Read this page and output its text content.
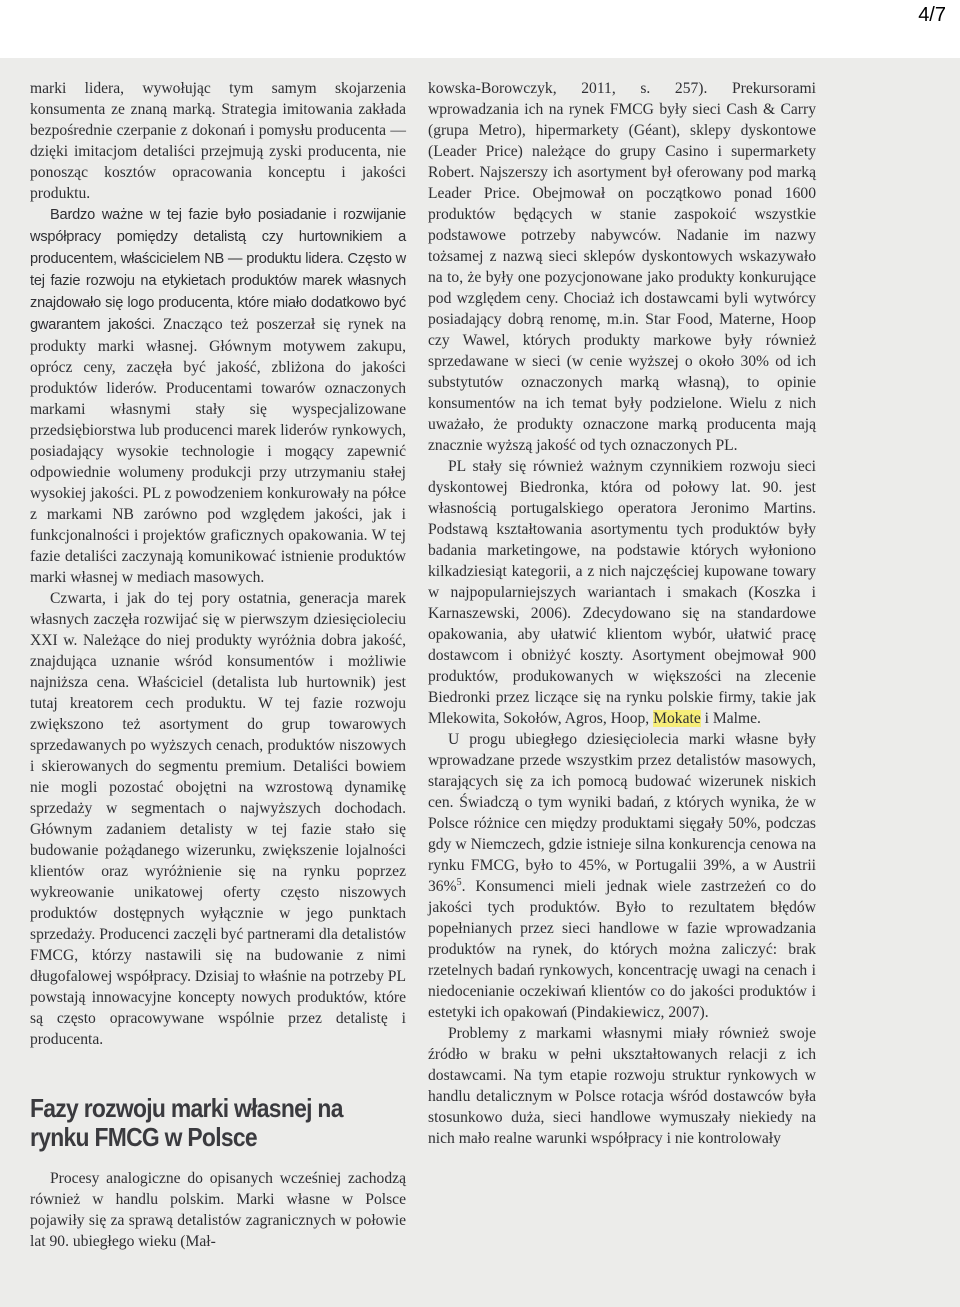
4/7

marki lidera, wywołując tym samym skojarzenia konsumenta ze znaną marką. Strategia imitowania zakłada bezpośrednie czerpanie z dokonań i pomysłu producenta — dzięki imitacjom detaliści przejmują zyski producenta, nie ponosząc kosztów opracowania konceptu i jakości produktu.

Bardzo ważne w tej fazie było posiadanie i rozwijanie współpracy pomiędzy detalistą czy hurtownikiem a producentem, właścicielem NB — produktu lidera. Często w tej fazie rozwoju na etykietach produktów marek własnych znajdowało się logo producenta, które miało dodatkowo być gwarantem jakości. Znacząco też poszerzał się rynek na produkty marki własnej. Głównym motywem zakupu, oprócz ceny, zaczęła być jakość, zbliżona do jakości produktów liderów. Producentami towarów oznaczonych markami własnymi stały się wyspecjalizowane przedsiębiorstwa lub producenci marek liderów rynkowych, posiadający wysokie technologie i mogący zapewnić odpowiednie wolumeny produkcji przy utrzymaniu stałej wysokiej jakości. PL z powodzeniem konkurowały na półce z markami NB zarówno pod względem jakości, jak i funkcjonalności i projektów graficznych opakowania. W tej fazie detaliści zaczynają komunikować istnienie produktów marki własnej w mediach masowych.

Czwarta, i jak do tej pory ostatnia, generacja marek własnych zaczęła rozwijać się w pierwszym dziesięcioleciu XXI w. Należące do niej produkty wyróżnia dobra jakość, znajdująca uznanie wśród konsumentów i możliwie najniższa cena. Właściciel (detalista lub hurtownik) jest tutaj kreatorem cech produktu. W tej fazie rozwoju zwiększono też asortyment do grup towarowych sprzedawanych po wyższych cenach, produktów niszowych i skierowanych do segmentu premium. Detaliści bowiem nie mogli pozostać obojętni na wzrostową dynamikę sprzedaży w segmentach o najwyższych dochodach. Głównym zadaniem detalisty w tej fazie stało się budowanie pożądanego wizerunku, zwiększenie lojalności klientów oraz wyróżnienie się na rynku poprzez wykreowanie unikatowej oferty często niszowych produktów dostępnych wyłącznie w jego punktach sprzedaży. Producenci zaczęli być partnerami dla detalistów FMCG, którzy nastawili się na budowanie z nimi długofalowej współpracy. Dzisiaj to właśnie na potrzeby PL powstają innowacyjne koncepty nowych produktów, które są często opracowywane wspólnie przez detalistę i producenta.

Fazy rozwoju marki własnej na rynku FMCG w Polsce

Procesy analogiczne do opisanych wcześniej zachodzą również w handlu polskim. Marki własne w Polsce pojawiły się za sprawą detalistów zagranicznych w połowie lat 90. ubiegłego wieku (Mał-

kowska-Borowczyk, 2011, s. 257). Prekursorami wprowadzania ich na rynek FMCG były sieci Cash & Carry (grupa Metro), hipermarkety (Géant), sklepy dyskontowe (Leader Price) należące do grupy Casino i supermarkety Robert. Najszerszy ich asortyment był oferowany pod marką Leader Price. Obejmował on początkowo ponad 1600 produktów będących w stanie zaspokoić wszystkie podstawowe potrzeby nabywców. Nadanie im nazwy tożsamej z nazwą sieci sklepów dyskontowych wskazywało na to, że były one pozycjonowane jako produkty konkurujące pod względem ceny. Chociaż ich dostawcami byli wytwórcy posiadający dobrą renomę, m.in. Star Food, Materne, Hoop czy Wawel, których produkty markowe były również sprzedawane w sieci (w cenie wyższej o około 30% od ich substytutów oznaczonych marką własną), to opinie konsumentów na ich temat były podzielone. Wielu z nich uważało, że produkty oznaczone marką producenta mają znacznie wyższą jakość od tych oznaczonych PL.

PL stały się również ważnym czynnikiem rozwoju sieci dyskontowej Biedronka, która od połowy lat. 90. jest własnością portugalskiego operatora Jeronimo Martins. Podstawą kształtowania asortymentu tych produktów były badania marketingowe, na podstawie których wyłoniono kilkadziesiąt kategorii, a z nich najczęściej kupowane towary w najpopularniejszych wariantach i smakach (Koszka i Karnaszewski, 2006). Zdecydowano się na standardowe opakowania, aby ułatwić klientom wybór, ułatwić pracę dostawcom i obniżyć koszty. Asortyment obejmował 900 produktów, produkowanych w większości na zlecenie Biedronki przez liczące się na rynku polskie firmy, takie jak Mlekowita, Sokołów, Agros, Hoop, Mokate i Malme.

U progu ubiegłego dziesięciolecia marki własne były wprowadzane przede wszystkim przez detalistów masowych, starających się za ich pomocą budować wizerunek niskich cen. Świadczą o tym wyniki badań, z których wynika, że w Polsce różnice cen między produktami sięgały 50%, podczas gdy w Niemczech, gdzie istnieje silna konkurencja cenowa na rynku FMCG, było to 45%, w Portugalii 39%, a w Austrii 36%$^5$. Konsumenci mieli jednak wiele zastrzeżeń co do jakości tych produktów. Było to rezultatem błędów popełnianych przez sieci handlowe w fazie wprowadzania produktów na rynek, do których można zaliczyć: brak rzetelnych badań rynkowych, koncentrację uwagi na cenach i niedocenianie oczekiwań klientów co do jakości produktów i estetyki ich opakowań (Pindakiewicz, 2007).

Problemy z markami własnymi miały również swoje źródło w braku w pełni ukształtowanych relacji z ich dostawcami. Na tym etapie rozwoju struktur rynkowych w handlu detalicznym w Polsce rotacja wśród dostawców była stosunkowo duża, sieci handlowe wymuszały niekiedy na nich mało realne warunki współpracy i nie kontrolowały
